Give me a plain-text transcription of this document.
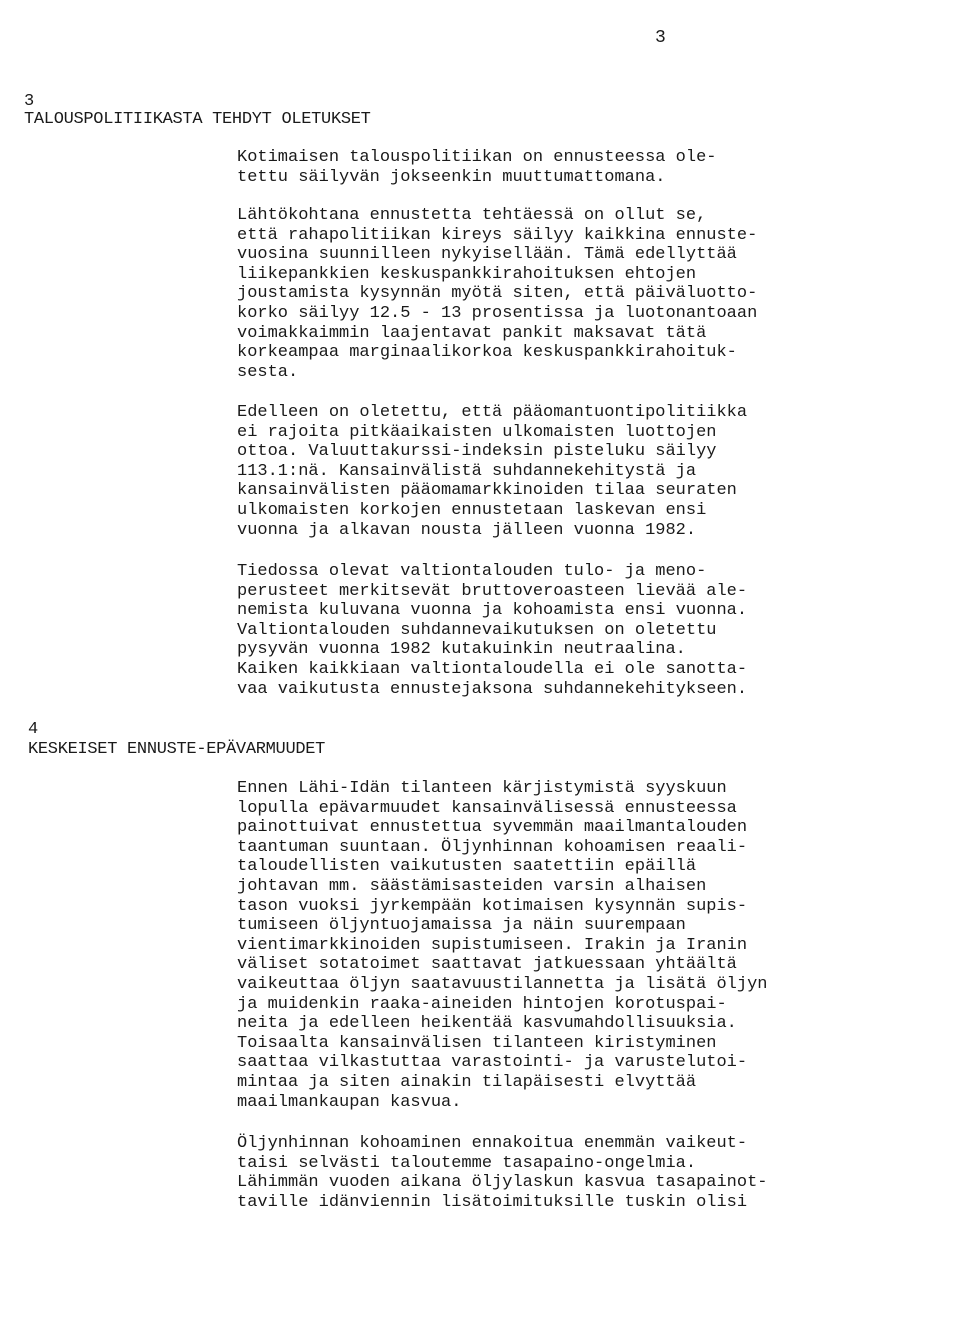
3
3
TALOUSPOLITIIKASTA TEHDYT OLETUKSET

Kotimaisen talouspolitiikan on ennusteessa ole-
tettu säilyvän jokseenkin muuttumattomana.

Lähtökohtana ennustetta tehtäessä on ollut se,
että rahapolitiikan kireys säilyy kaikkina ennuste-
vuosina suunnilleen nykyisellään. Tämä edellyttää
liikepankkien keskuspankkirahoituksen ehtojen
joustamista kysynnän myötä siten, että päiväluotto-
korko säilyy 12.5 - 13 prosentissa ja luotonantoaan
voimakkaimmin laajentavat pankit maksavat tätä
korkeampaa marginaalikorkoa keskuspankkirahoituk-
sesta.

Edelleen on oletettu, että pääomantuontipolitiikka
ei rajoita pitkäaikaisten ulkomaisten luottojen
ottoa. Valuuttakurssi-indeksin pisteluku säilyy
113.1:nä. Kansainvälistä suhdannekehitystä ja
kansainvälisten pääomamarkkinoiden tilaa seuraten
ulkomaisten korkojen ennustetaan laskevan ensi
vuonna ja alkavan nousta jälleen vuonna 1982.

Tiedossa olevat valtiontalouden tulo- ja meno-
perusteet merkitsevät bruttoveroasteen lievää ale-
nemista kuluvana vuonna ja kohoamista ensi vuonna.
Valtiontalouden suhdannevaikutuksen on oletettu
pysyvän vuonna 1982 kutakuinkin neutraalina.
Kaiken kaikkiaan valtiontaloudella ei ole sanotta-
vaa vaikutusta ennustejaksona suhdannekehitykseen.

4
KESKEISET ENNUSTE-EPÄVARMUUDET

Ennen Lähi-Idän tilanteen kärjistymistä syyskuun
lopulla epävarmuudet kansainvälisessä ennusteessa
painottuivat ennustettua syvemmän maailmantalouden
taantuman suuntaan. Öljynhinnan kohoamisen reaali-
taloudellisten vaikutusten saatettiin epäillä
johtavan mm. säästämisasteiden varsin alhaisen
tason vuoksi jyrkempään kotimaisen kysynnän supis-
tumiseen öljyntuojamaissa ja näin suurempaan
vientimarkkinoiden supistumiseen. Irakin ja Iranin
väliset sotatoimet saattavat jatkuessaan yhtäältä
vaikeuttaa öljyn saatavuustilannetta ja lisätä öljyn
ja muidenkin raaka-aineiden hintojen korotuspai-
neita ja edelleen heikentää kasvumahdollisuuksia.
Toisaalta kansainvälisen tilanteen kiristyminen
saattaa vilkastuttaa varastointi- ja varustelutoi-
mintaa ja siten ainakin tilapäisesti elvyttää
maailmankaupan kasvua.

Öljynhinnan kohoaminen ennakoitua enemmän vaikeut-
taisi selvästi taloutemme tasapaino-ongelmia.
Lähimmän vuoden aikana öljylaskun kasvua tasapainot-
taville idänviennin lisätoimituksille tuskin olisi
